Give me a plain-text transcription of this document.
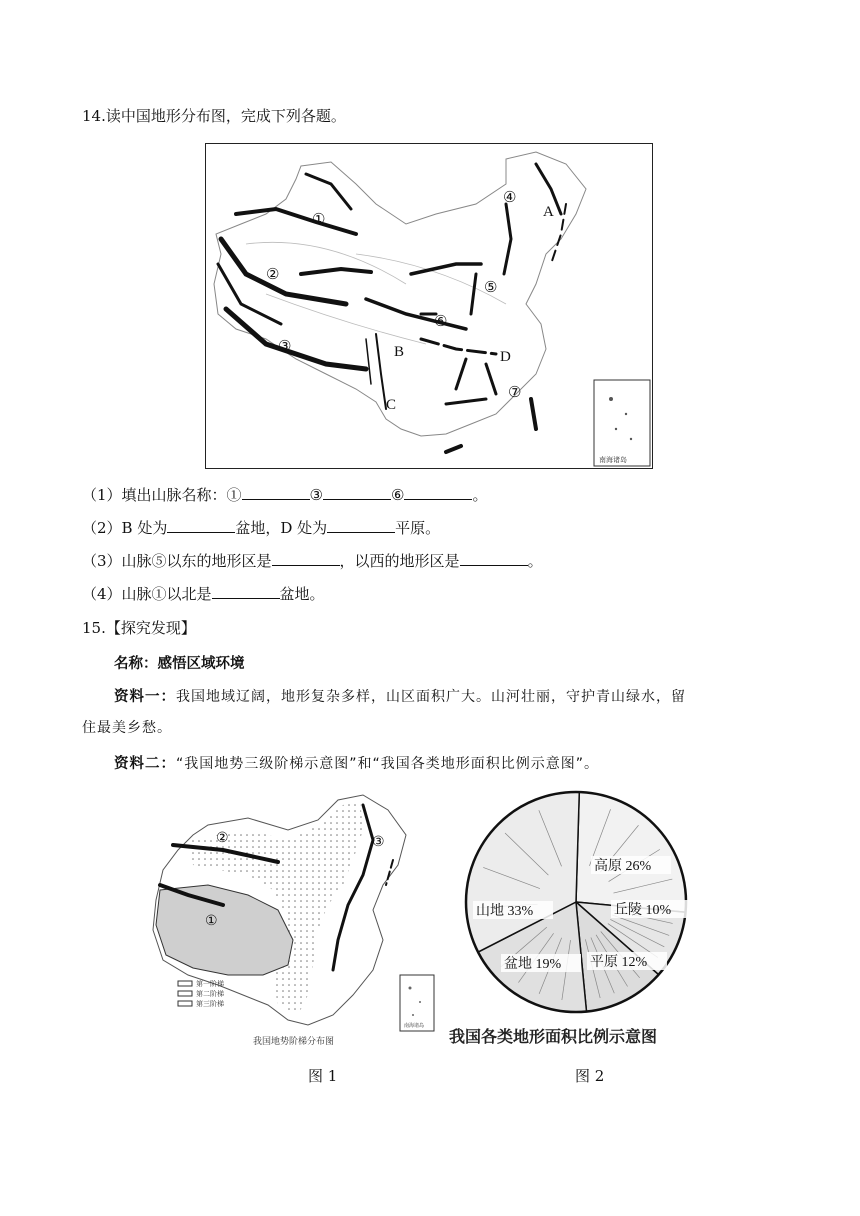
14.读中国地形分布图，完成下列各题。
①
②
③
④
⑤
⑥
⑦
A
B
C
D
南海诸岛
（1）填出山脉名称：①	③	⑥	。
（2）B 处为	盆地，D 处为	平原。
（3）山脉⑤以东的地形区是	，以西的地形区是	。
（4）山脉①以北是	盆地。
15.【探究发现】
名称：感悟区域环境
资料一：我国地域辽阔，地形复杂多样，山区面积广大。山河壮丽，守护青山绿水，留
住最美乡愁。
资料二：“我国地势三级阶梯示意图”和“我国各类地形面积比例示意图”。
②
①
③
第一阶梯
第二阶梯
第三阶梯
南海诸岛
我国地势阶梯分布图
高原 26%
丘陵 10%
平原 12%
盆地 19%
山地 33%
我国各类地形面积比例示意图
图 1	图 2
